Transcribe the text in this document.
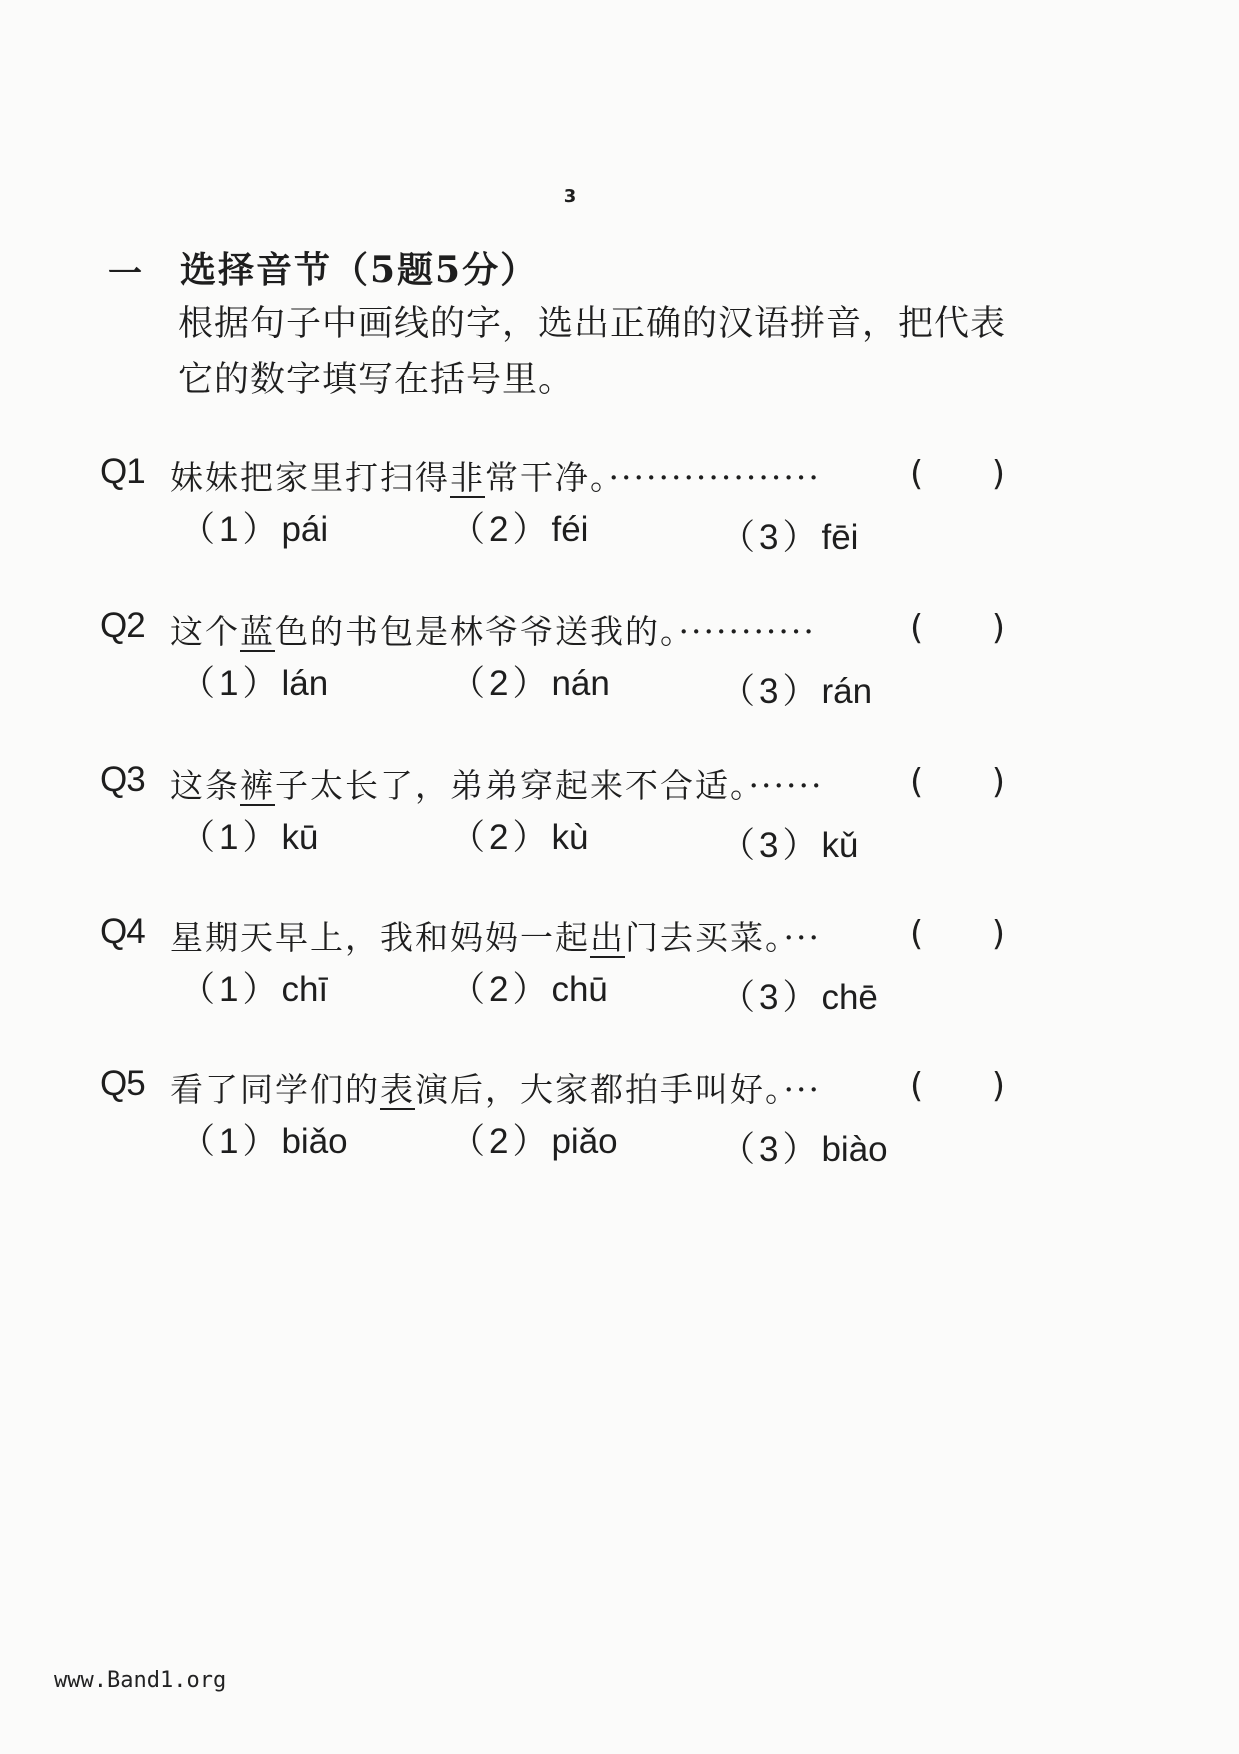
3
一 选择音节（5题5分）
根据句子中画线的字，选出正确的汉语拼音，把代表它的数字填写在括号里。
Q1 妹妹把家里打扫得非常干净。·················	( )
（1）pái	（2）féi	（3）fēi
Q2 这个蓝色的书包是林爷爷送我的。···········	( )
（1）lán	（2）nán	（3）rán
Q3 这条裤子太长了，弟弟穿起来不合适。······	( )
（1）kū	（2）kù	（3）kǔ
Q4 星期天早上，我和妈妈一起出门去买菜。···	( )
（1）chī	（2）chū	（3）chē
Q5 看了同学们的表演后，大家都拍手叫好。···	( )
（1）biǎo	（2）piǎo	（3）biào
www.Band1.org
